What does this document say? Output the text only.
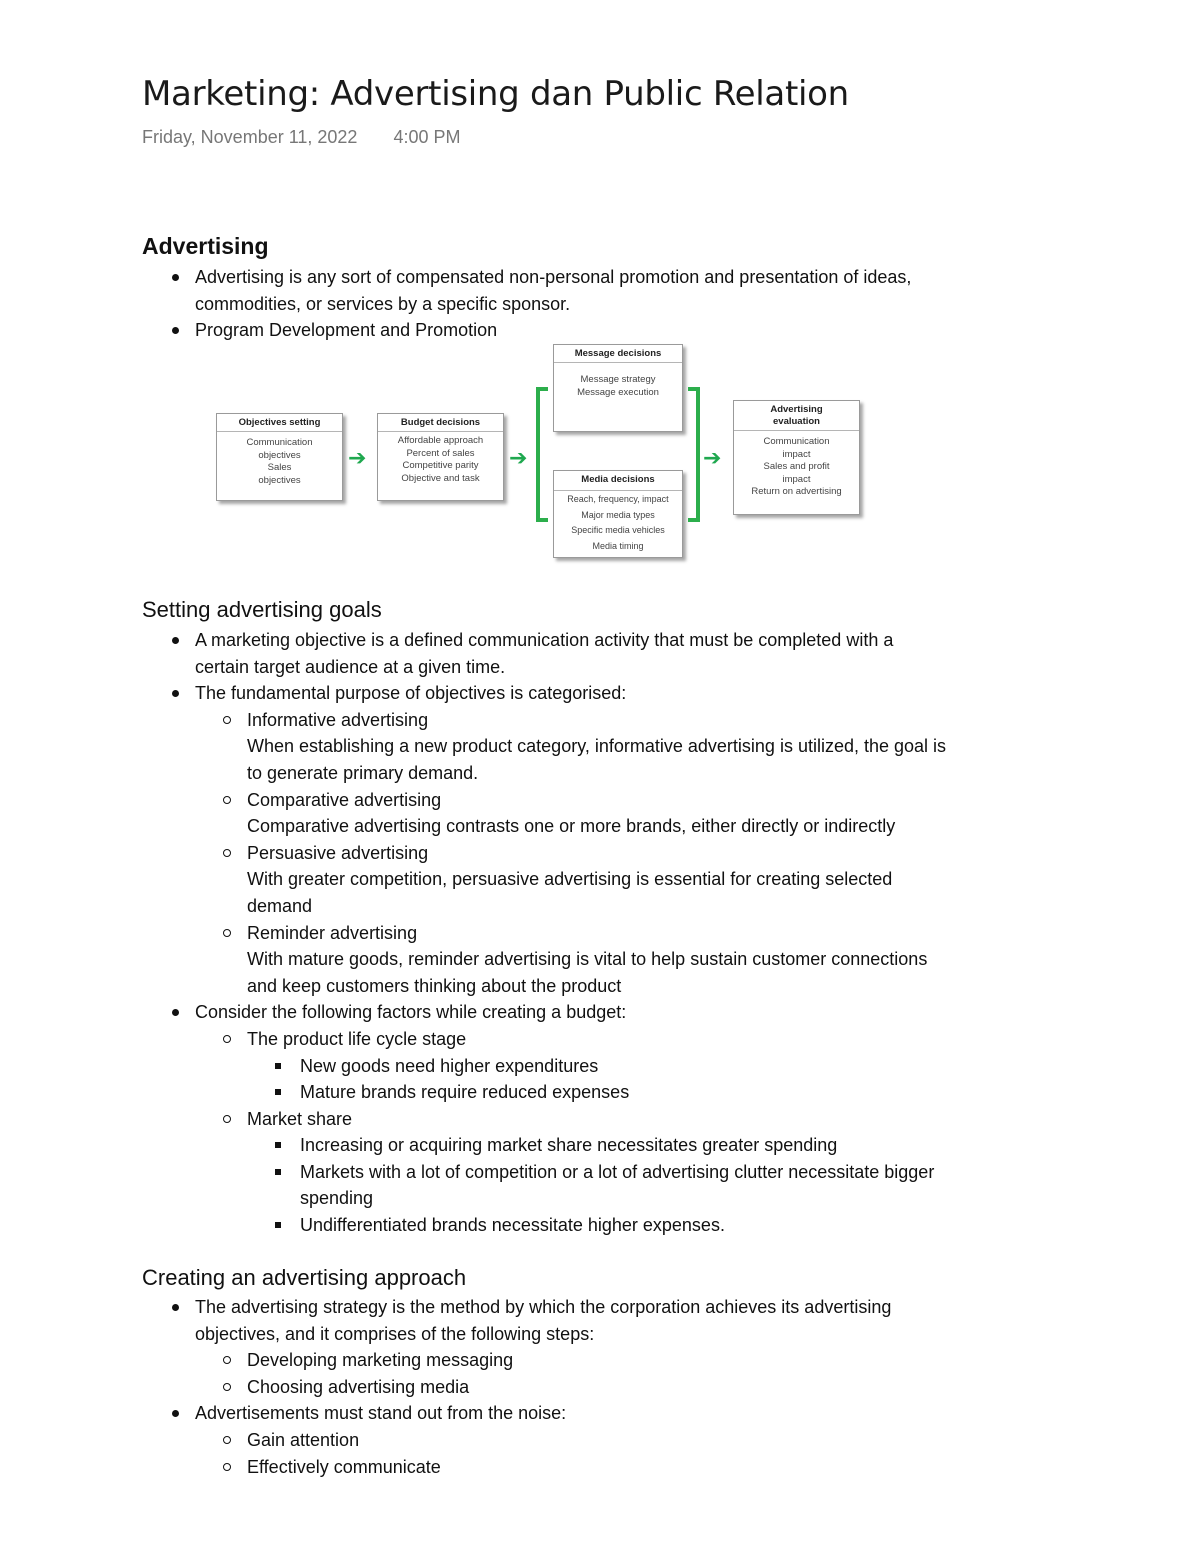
Marketing: Advertising dan Public Relation
Friday, November 11, 2022 4:00 PM
Advertising
Advertising is any sort of compensated non-personal promotion and presentation of ideas,
commodities, or services by a specific sponsor.
Program Development and Promotion
Objectives setting
Communication
objectives
Sales
objectives
➔
Budget decisions
Affordable approach
Percent of sales
Competitive parity
Objective and task
➔
Message decisions
Message strategy
Message execution
Media decisions
Reach, frequency, impact
Major media types
Specific media vehicles
Media timing
➔
Advertising
evaluation
Communication
impact
Sales and profit
impact
Return on advertising
Setting advertising goals
A marketing objective is a defined communication activity that must be completed with a
certain target audience at a given time.
The fundamental purpose of objectives is categorised:
Informative advertising
When establishing a new product category, informative advertising is utilized, the goal is
to generate primary demand.
Comparative advertising
Comparative advertising contrasts one or more brands, either directly or indirectly
Persuasive advertising
With greater competition, persuasive advertising is essential for creating selected
demand
Reminder advertising
With mature goods, reminder advertising is vital to help sustain customer connections
and keep customers thinking about the product
Consider the following factors while creating a budget:
The product life cycle stage
New goods need higher expenditures
Mature brands require reduced expenses
Market share
Increasing or acquiring market share necessitates greater spending
Markets with a lot of competition or a lot of advertising clutter necessitate bigger
spending
Undifferentiated brands necessitate higher expenses.
Creating an advertising approach
The advertising strategy is the method by which the corporation achieves its advertising
objectives, and it comprises of the following steps:
Developing marketing messaging
Choosing advertising media
Advertisements must stand out from the noise:
Gain attention
Effectively communicate
